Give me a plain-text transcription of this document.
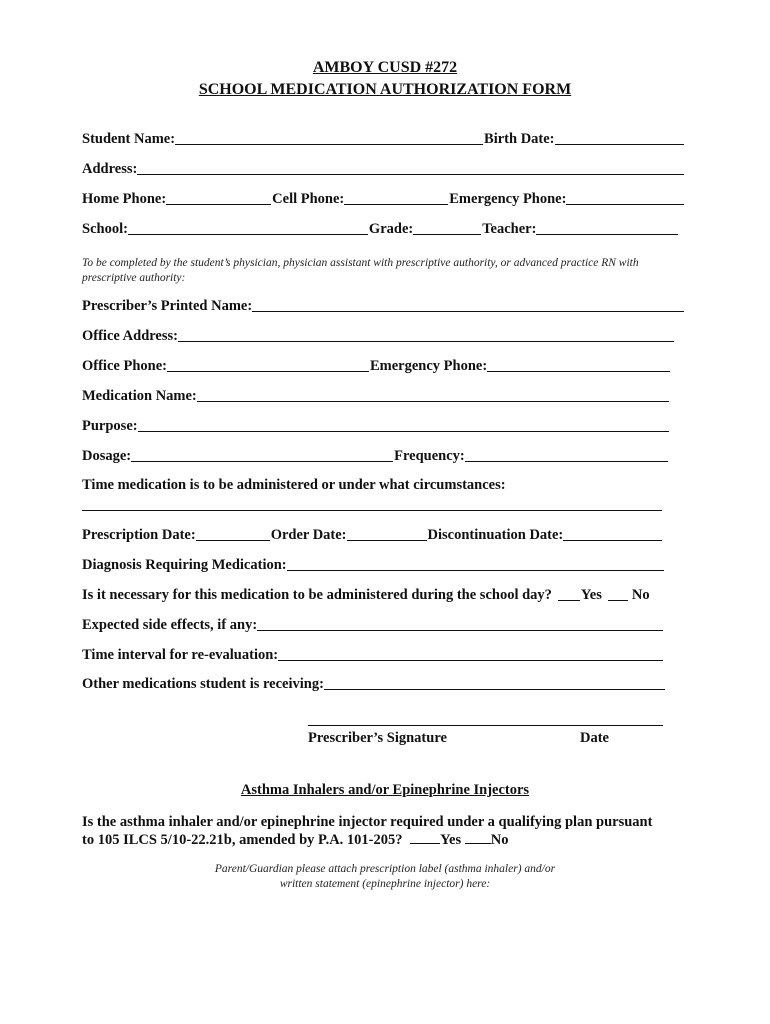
AMBOY CUSD #272
SCHOOL MEDICATION AUTHORIZATION FORM
Student Name:	Birth Date:
Address:
Home Phone:	Cell Phone:	Emergency Phone:
School:	Grade:	Teacher:
To be completed by the student’s physician, physician assistant with prescriptive authority, or advanced practice RN with prescriptive authority:
Prescriber’s Printed Name:
Office Address:
Office Phone:	Emergency Phone:
Medication Name:
Purpose:
Dosage:	Frequency:
Time medication is to be administered or under what circumstances:
Prescription Date:	Order Date:	Discontinuation Date:
Diagnosis Requiring Medication:
Is it necessary for this medication to be administered during the school day? Yes No
Expected side effects, if any:
Time interval for re-evaluation:
Other medications student is receiving:
Prescriber’s Signature	Date
Asthma Inhalers and/or Epinephrine Injectors
Is the asthma inhaler and/or epinephrine injector required under a qualifying plan pursuant
to 105 ILCS 5/10-22.21b, amended by P.A. 101-205?	Yes No
Parent/Guardian please attach prescription label (asthma inhaler) and/or
written statement (epinephrine injector) here:
